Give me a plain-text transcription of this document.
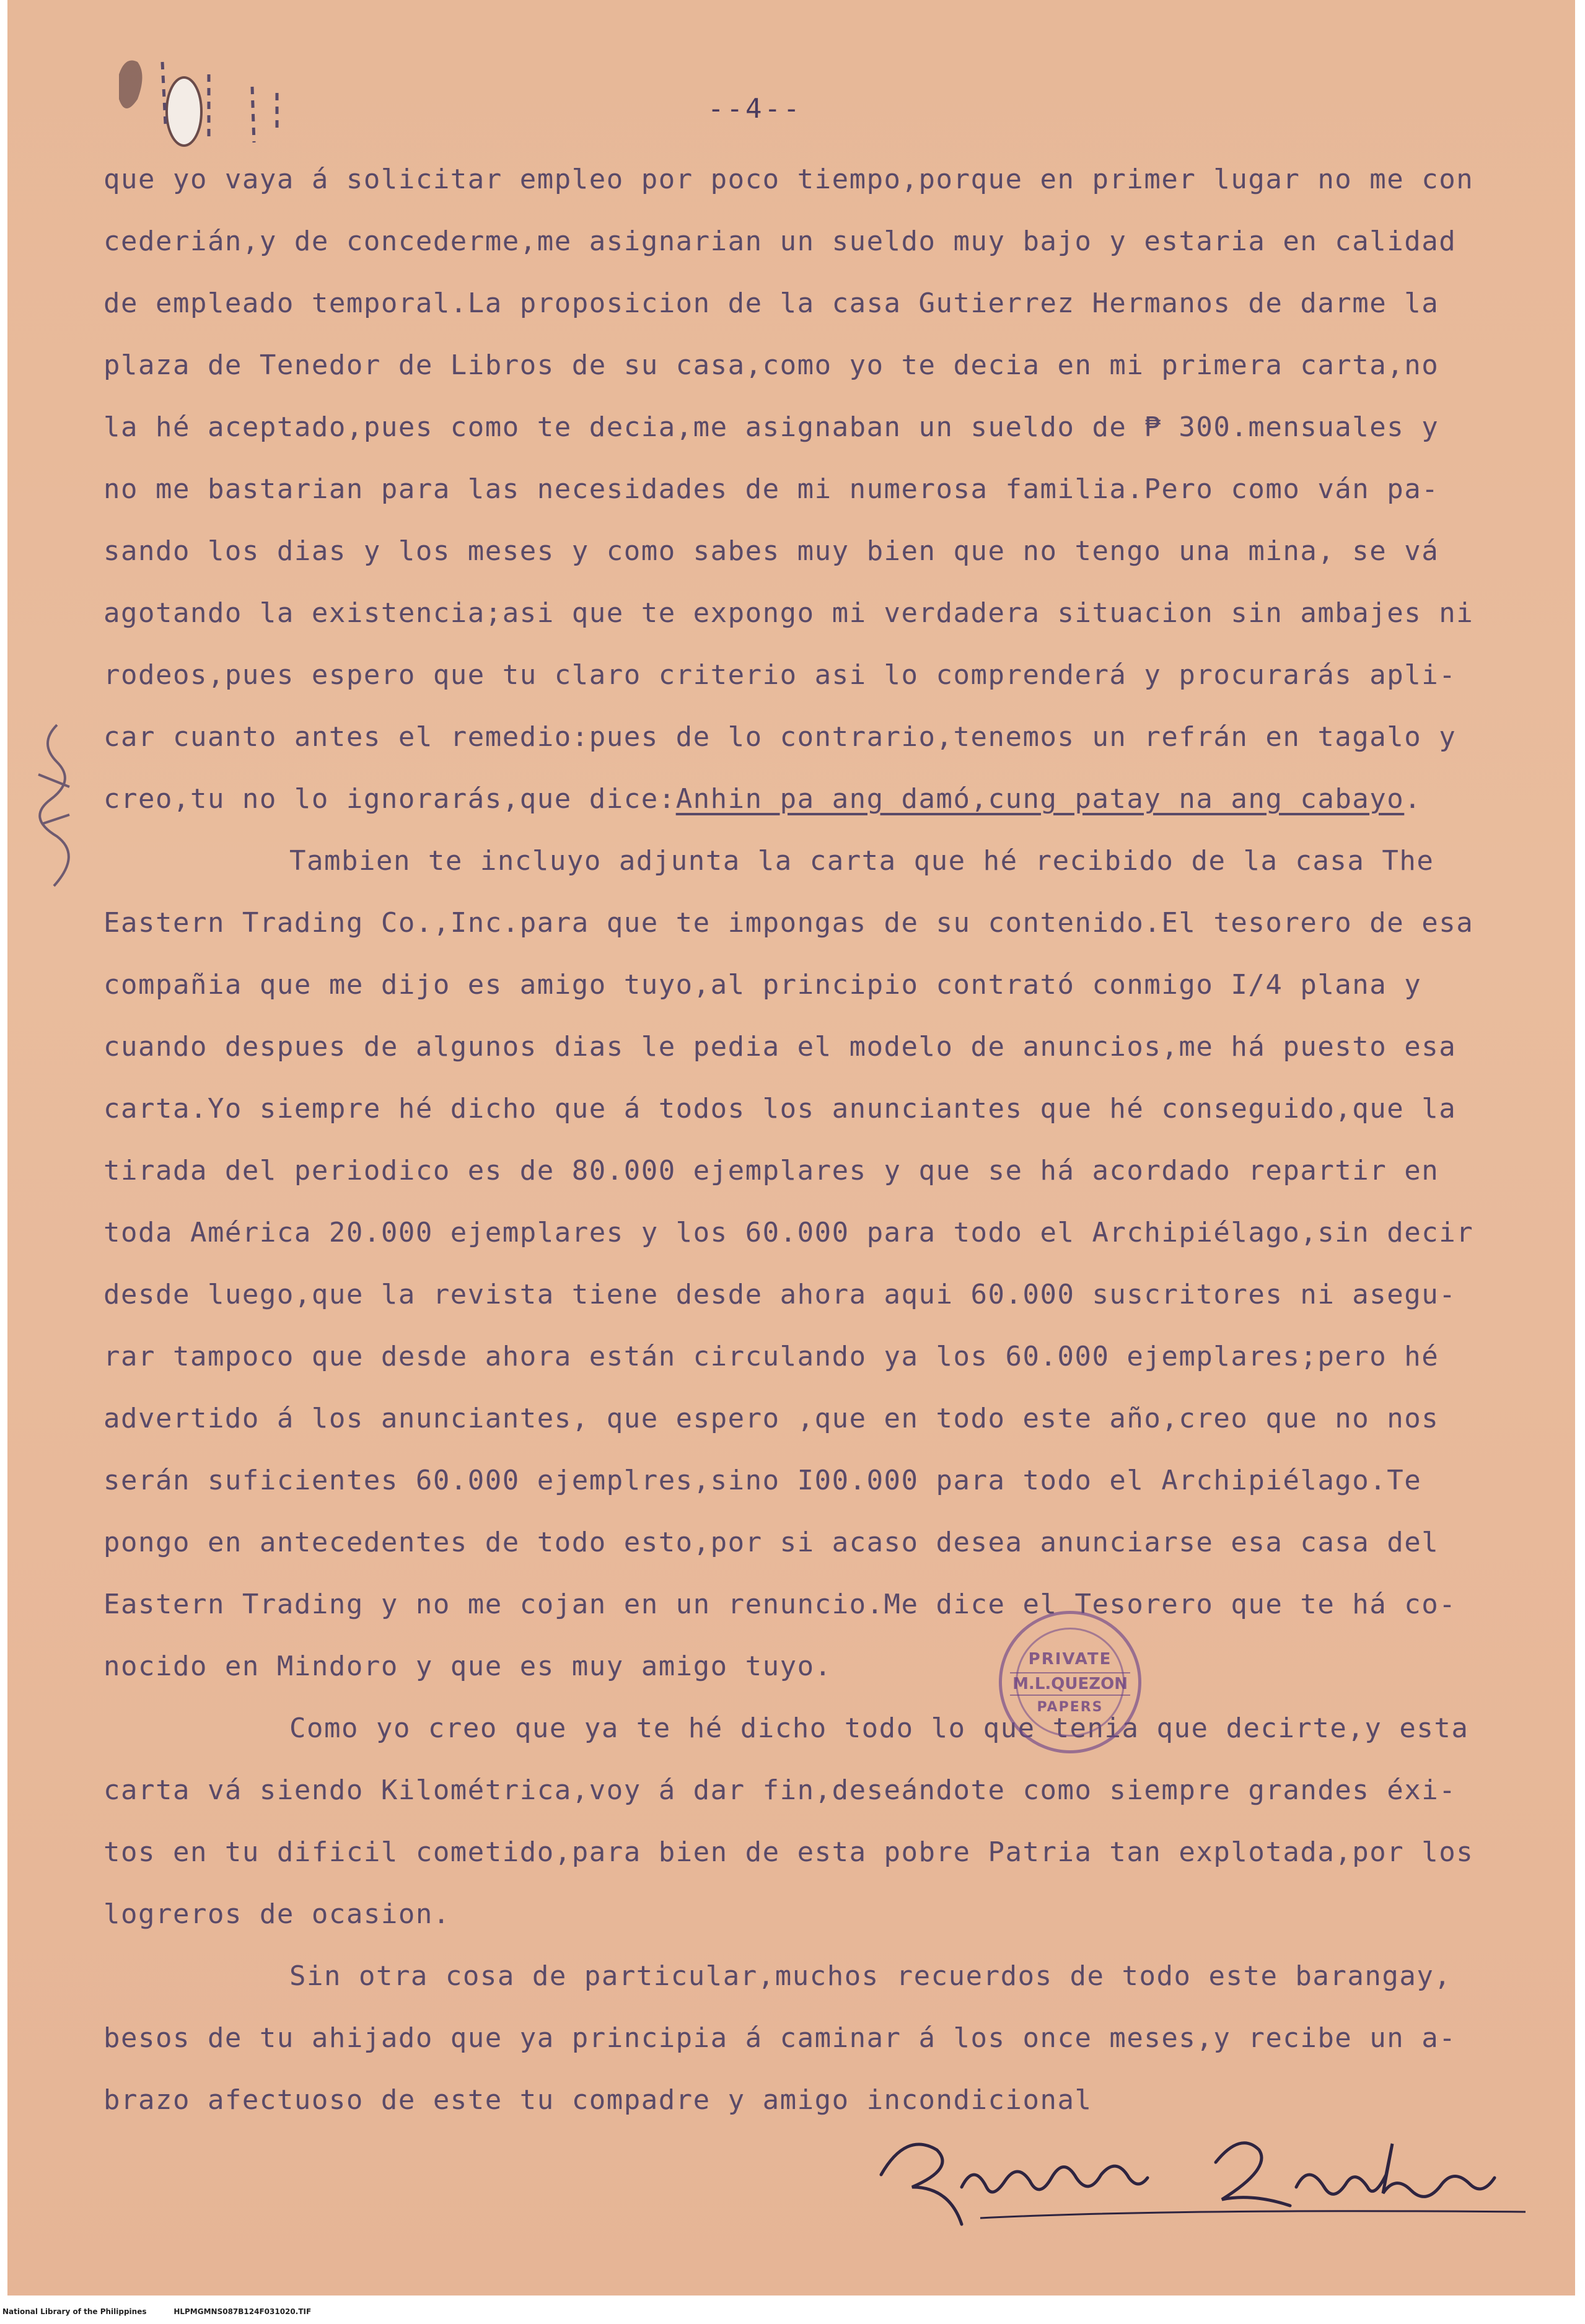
--4--

que yo vaya á solicitar empleo por poco tiempo,porque en primer lugar no me con
cederián,y de concederme,me asignarian un sueldo muy bajo y estaria en calidad
de empleado temporal.La proposicion de la casa Gutierrez Hermanos de darme la
plaza de Tenedor de Libros de su casa,como yo te decia en mi primera carta,no
la hé aceptado,pues como te decia,me asignaban un sueldo de ₱ 300.mensuales y
no me bastarian para las necesidades de mi numerosa familia.Pero como ván pa-
sando los dias y los meses y como sabes muy bien que no tengo una mina, se vá
agotando la existencia;asi que te expongo mi verdadera situacion sin ambajes ni
rodeos,pues espero que tu claro criterio asi lo comprenderá y procurarás apli-
car cuanto antes el remedio:pues de lo contrario,tenemos un refrán en tagalo y
creo,tu no lo ignorarás,que dice:Anhin pa ang damó,cung patay na ang cabayo.

Tambien te incluyo adjunta la carta que hé recibido de la casa The
Eastern Trading Co.,Inc.para que te impongas de su contenido.El tesorero de esa
compañia que me dijo es amigo tuyo,al principio contrató conmigo I/4 plana y
cuando despues de algunos dias le pedia el modelo de anuncios,me há puesto esa
carta.Yo siempre hé dicho que á todos los anunciantes que hé conseguido,que la
tirada del periodico es de 80.000 ejemplares y que se há acordado repartir en
toda América 20.000 ejemplares y los 60.000 para todo el Archipiélago,sin decir
desde luego,que la revista tiene desde ahora aqui 60.000 suscritores ni asegu-
rar tampoco que desde ahora están circulando ya los 60.000 ejemplares;pero hé
advertido á los anunciantes, que espero ,que en todo este año,creo que no nos
serán suficientes 60.000 ejemplres,sino I00.000 para todo el Archipiélago.Te
pongo en antecedentes de todo esto,por si acaso desea anunciarse esa casa del
Eastern Trading y no me cojan en un renuncio.Me dice el Tesorero que te há co-
nocido en Mindoro y que es muy amigo tuyo.

Como yo creo que ya te hé dicho todo lo que tenia que decirte,y esta
carta vá siendo Kilométrica,voy á dar fin,deseándote como siempre grandes éxi-
tos en tu dificil cometido,para bien de esta pobre Patria tan explotada,por los
logreros de ocasion.

Sin otra cosa de particular,muchos recuerdos de todo este barangay,
besos de tu ahijado que ya principia á caminar á los once meses,y recibe un a-
brazo afectuoso de este tu compadre y amigo incondicional

PRIVATE
M.L.QUEZON
PAPERS
National Library of the Philippines	HLPMGMNS087B124F031020.TIF
